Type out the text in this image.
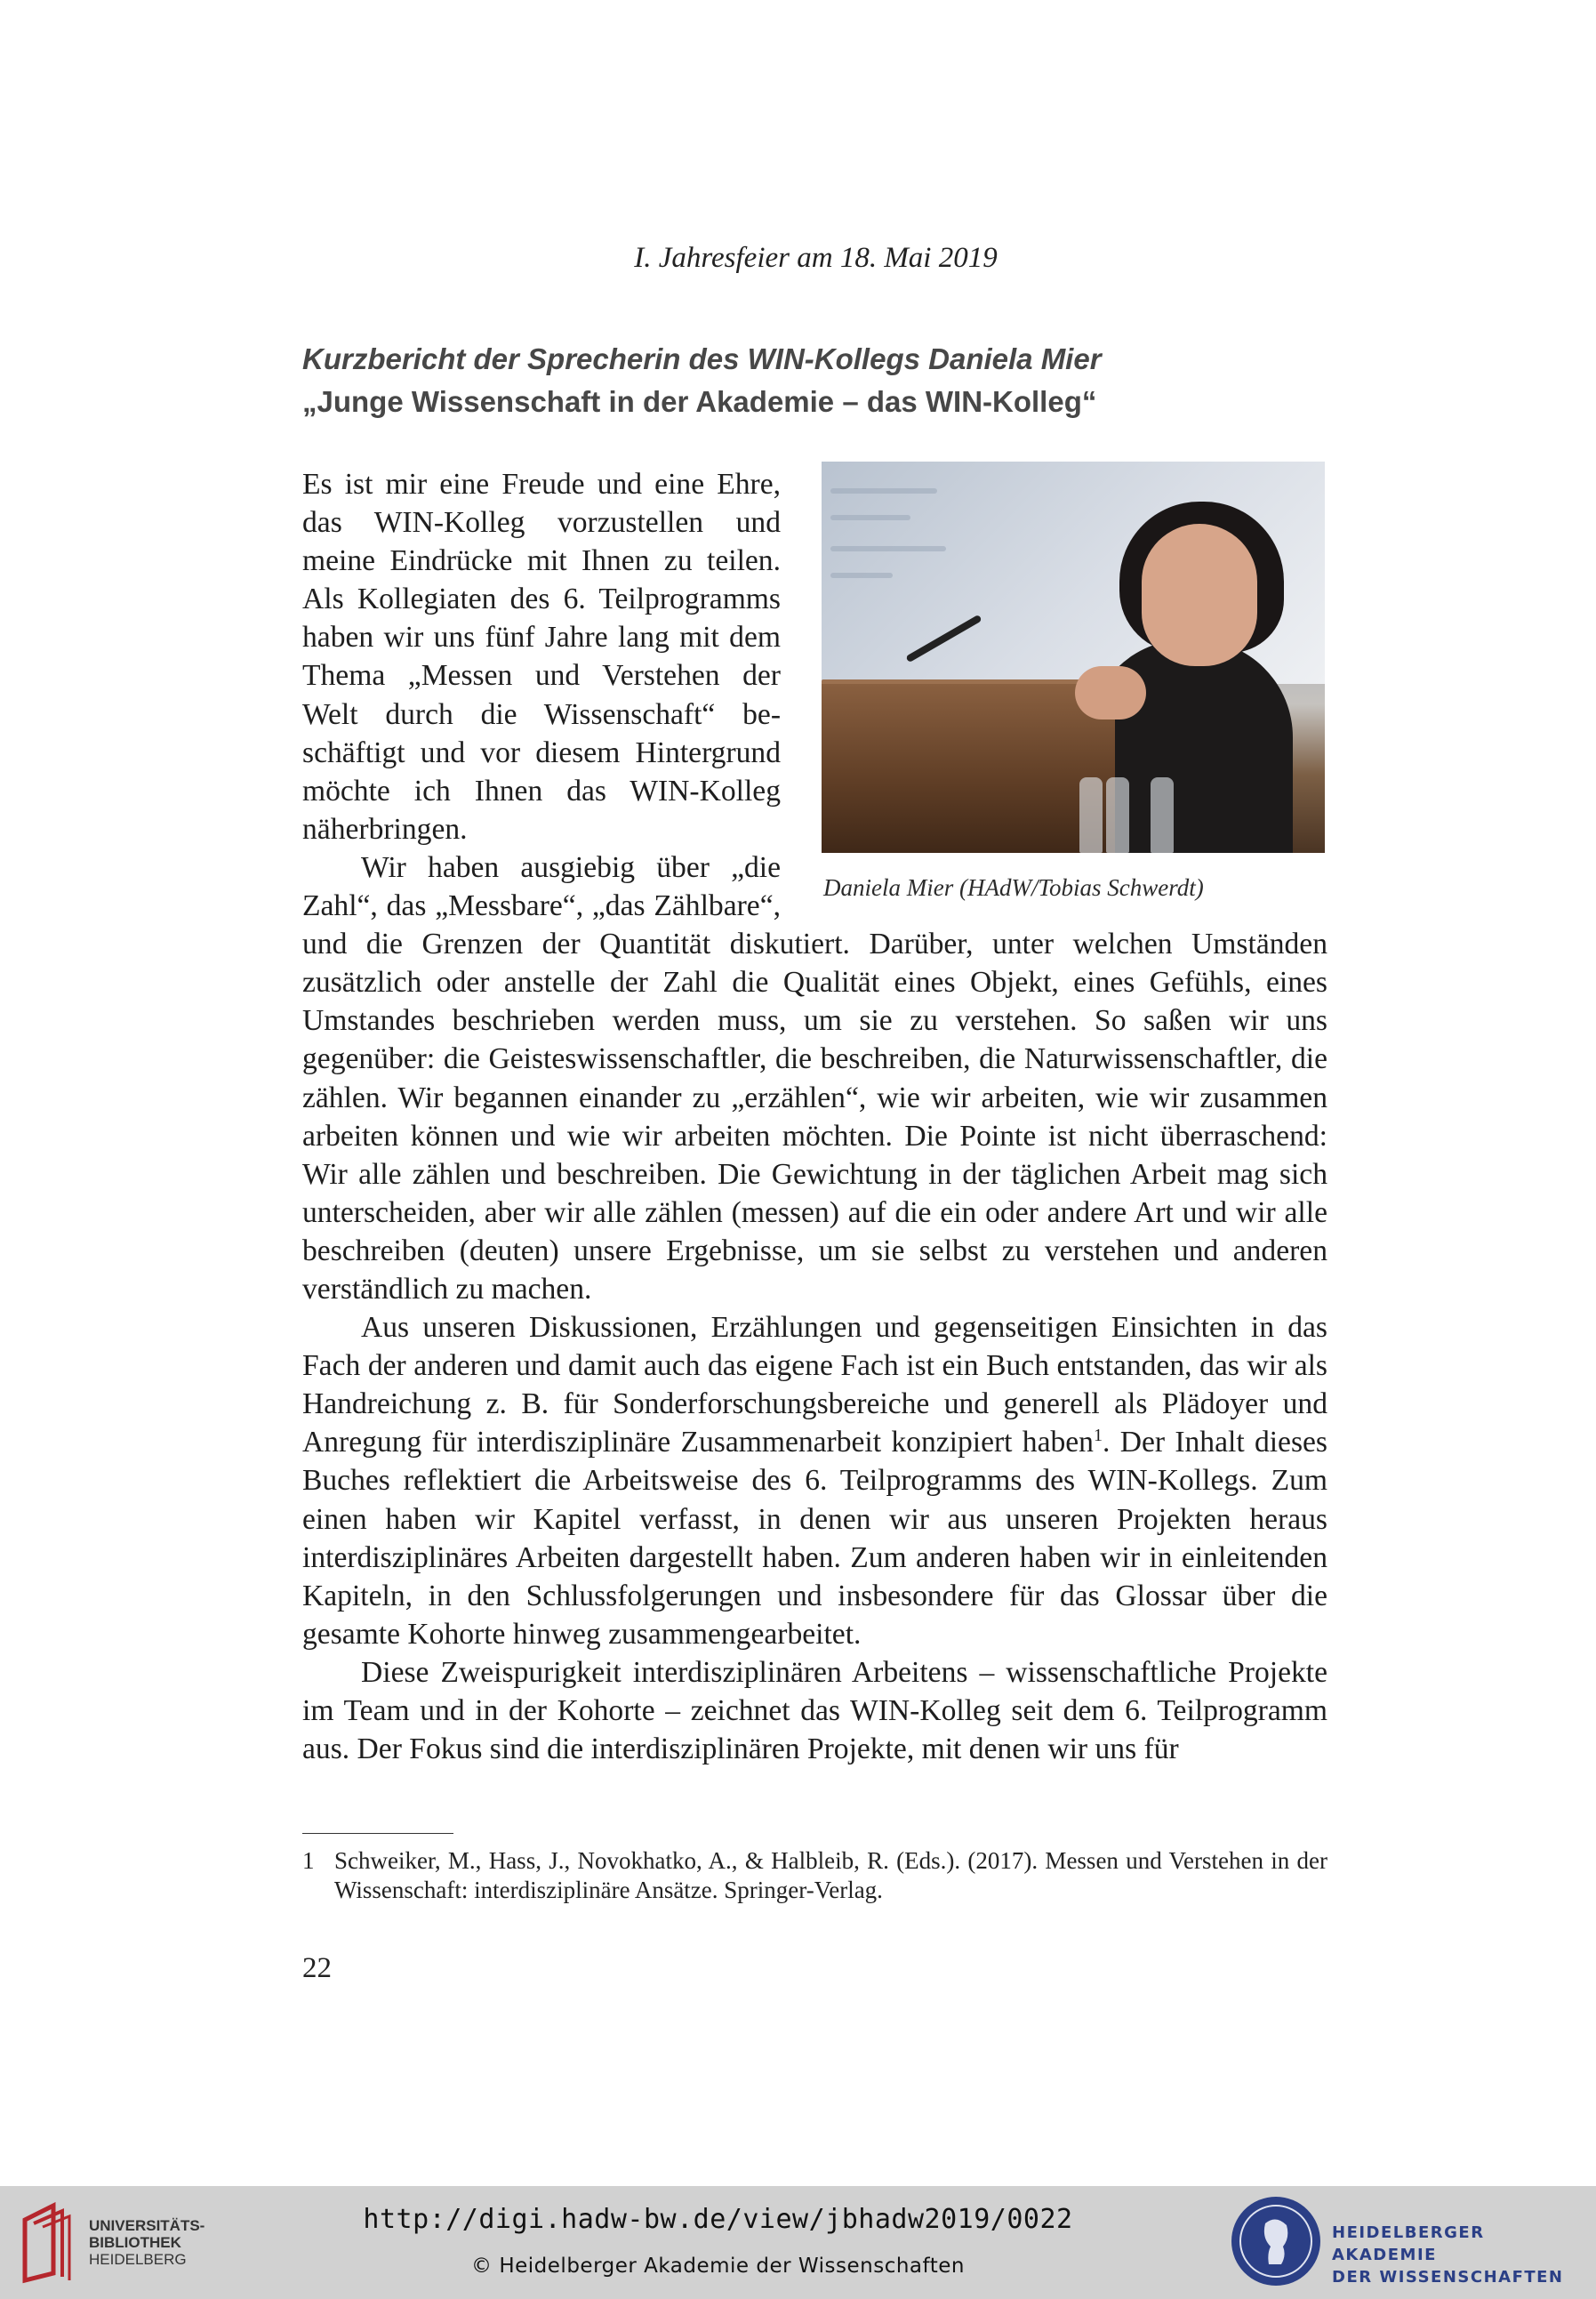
I. Jahresfeier am 18. Mai 2019
Kurzbericht der Sprecherin des WIN-Kollegs Daniela Mier
„Junge Wissenschaft in der Akademie – das WIN-Kolleg“
Daniela Mier (HAdW/Tobias Schwerdt)

Es ist mir eine Freude und eine Ehre, das WIN-Kolleg vorzustellen und meine Eindrücke mit Ihnen zu teilen. Als Kollegiaten des 6. Teilprogramms haben wir uns fünf Jahre lang mit dem Thema „Messen und Verstehen der Welt durch die Wissenschaft“ beschäftigt und vor diesem Hintergrund möchte ich Ihnen das WIN-Kolleg näherbringen.

Wir haben ausgiebig über „die Zahl“, das „Messbare“, „das Zählbare“, und die Grenzen der Quantität diskutiert. Darüber, unter welchen Umständen zusätzlich oder anstelle der Zahl die Qualität eines Objekt, eines Gefühls, eines Umstandes beschrieben werden muss, um sie zu verstehen. So saßen wir uns gegenüber: die Geisteswissenschaftler, die beschreiben, die Naturwissenschaftler, die zählen. Wir begannen einander zu „erzählen“, wie wir arbeiten, wie wir zusammen arbeiten können und wie wir arbeiten möchten. Die Pointe ist nicht überraschend: Wir alle zählen und beschreiben. Die Gewichtung in der täglichen Arbeit mag sich unterscheiden, aber wir alle zählen (messen) auf die ein oder andere Art und wir alle beschreiben (deuten) unsere Ergebnisse, um sie selbst zu verstehen und anderen verständlich zu machen.

Aus unseren Diskussionen, Erzählungen und gegenseitigen Einsichten in das Fach der anderen und damit auch das eigene Fach ist ein Buch entstanden, das wir als Handreichung z. B. für Sonderforschungsbereiche und generell als Plädoyer und Anregung für interdisziplinäre Zusammenarbeit konzipiert haben$^1$. Der Inhalt dieses Buches reflektiert die Arbeitsweise des 6. Teilprogramms des WIN-Kollegs. Zum einen haben wir Kapitel verfasst, in denen wir aus unseren Projekten heraus interdisziplinäres Arbeiten dargestellt haben. Zum anderen haben wir in einleitenden Kapiteln, in den Schlussfolgerungen und insbesondere für das Glossar über die gesamte Kohorte hinweg zusammengearbeitet.

Diese Zweispurigkeit interdisziplinären Arbeitens – wissenschaftliche Projekte im Team und in der Kohorte – zeichnet das WIN-Kolleg seit dem 6. Teilprogramm aus. Der Fokus sind die interdisziplinären Projekte, mit denen wir uns für

1 Schweiker, M., Hass, J., Novokhatko, A., & Halbleib, R. (Eds.). (2017). Messen und Verstehen in der Wissenschaft: interdisziplinäre Ansätze. Springer-Verlag.
22
UNIVERSITÄTS-
BIBLIOTHEK
HEIDELBERG
http://digi.hadw-bw.de/view/jbhadw2019/0022
© Heidelberger Akademie der Wissenschaften
HEIDELBERGER AKADEMIE
DER WISSENSCHAFTEN
